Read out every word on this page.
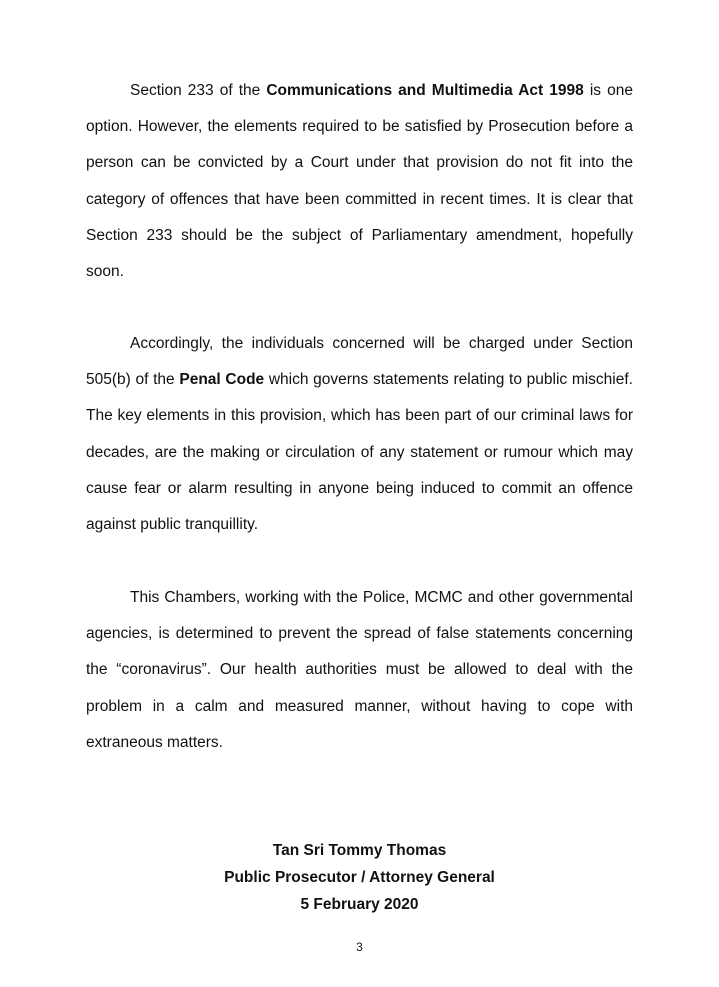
Section 233 of the Communications and Multimedia Act 1998 is one option. However, the elements required to be satisfied by Prosecution before a person can be convicted by a Court under that provision do not fit into the category of offences that have been committed in recent times. It is clear that Section 233 should be the subject of Parliamentary amendment, hopefully soon.

Accordingly, the individuals concerned will be charged under Section 505(b) of the Penal Code which governs statements relating to public mischief. The key elements in this provision, which has been part of our criminal laws for decades, are the making or circulation of any statement or rumour which may cause fear or alarm resulting in anyone being induced to commit an offence against public tranquillity.

This Chambers, working with the Police, MCMC and other governmental agencies, is determined to prevent the spread of false statements concerning the “coronavirus”. Our health authorities must be allowed to deal with the problem in a calm and measured manner, without having to cope with extraneous matters.

Tan Sri Tommy Thomas

Public Prosecutor / Attorney General

5 February 2020

3
